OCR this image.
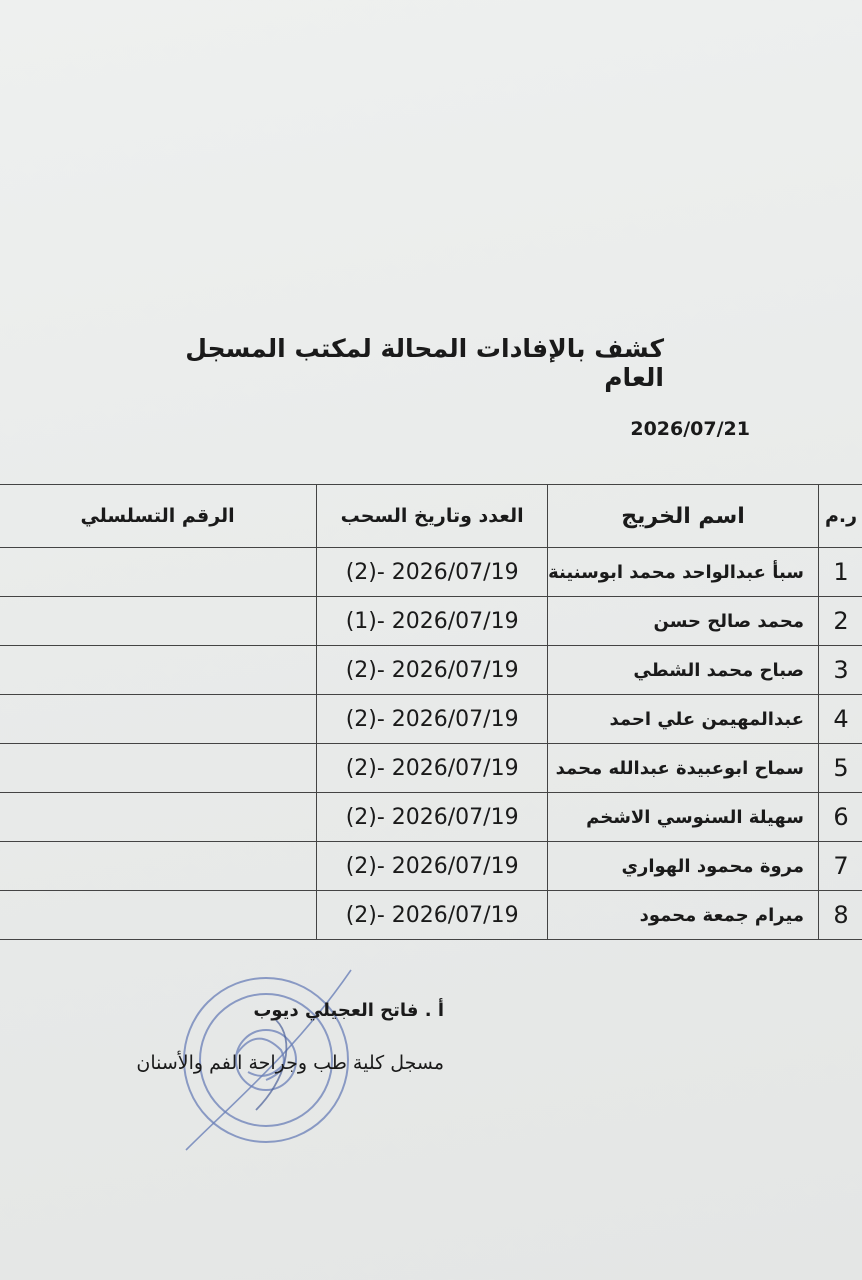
كشف بالإفادات المحالة لمكتب المسجل العام
2026/07/21
ر.م	اسم الخريج	العدد وتاريخ السحب	الرقم التسلسلي
1	سبأ عبدالواحد محمد ابوسنينة	(2)- 2026/07/19	
2	محمد صالح حسن	(1)- 2026/07/19	
3	صباح محمد الشطي	(2)- 2026/07/19	
4	عبدالمهيمن علي احمد	(2)- 2026/07/19	
5	سماح ابوعبيدة عبدالله محمد	(2)- 2026/07/19	
6	سهيلة السنوسي الاشخم	(2)- 2026/07/19	
7	مروة محمود الهواري	(2)- 2026/07/19	
8	ميرام جمعة محمود	(2)- 2026/07/19	
أ . فاتح العجيلي ديوب
مسجل كلية طب وجراحة الفم والأسنان
